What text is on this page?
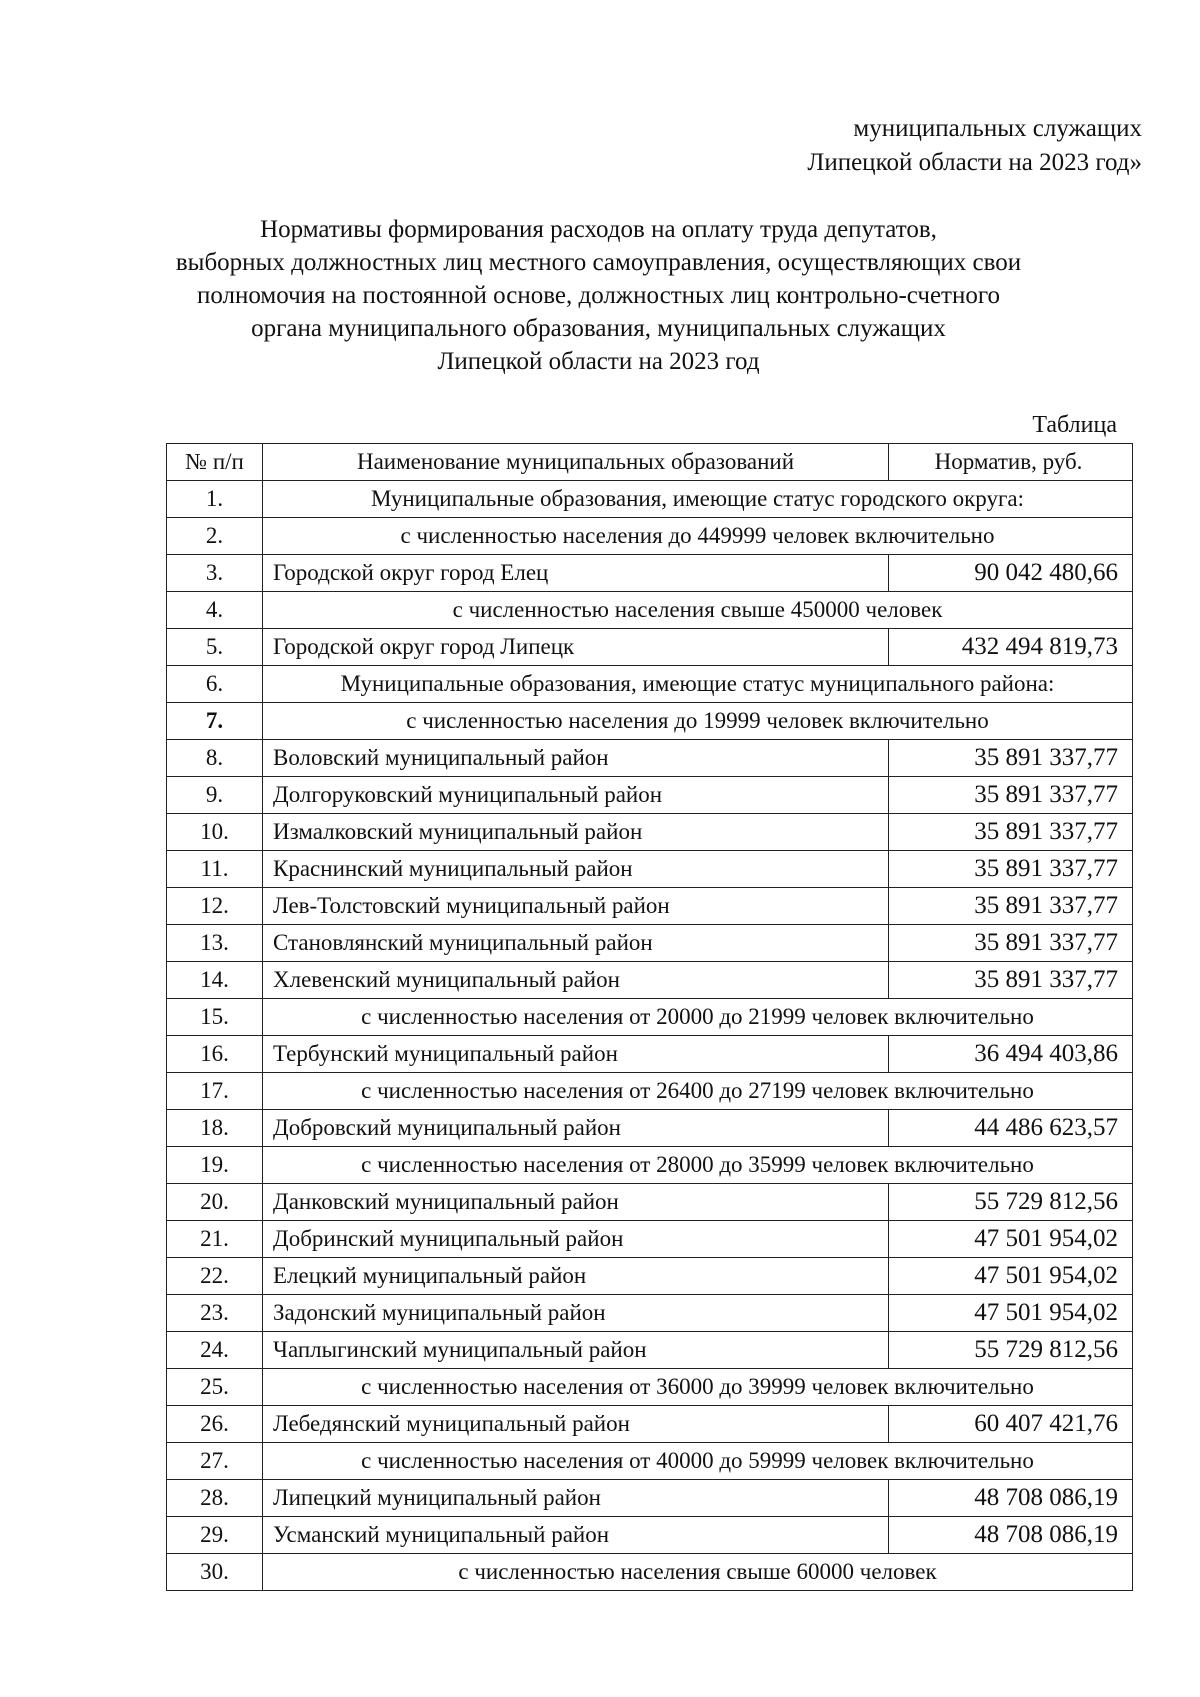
муниципальных служащих
Липецкой области на 2023 год»
Нормативы формирования расходов на оплату труда депутатов,
выборных должностных лиц местного самоуправления, осуществляющих свои
полномочия на постоянной основе, должностных лиц контрольно-счетного
органа муниципального образования, муниципальных служащих
Липецкой области на 2023 год
Таблица
№ п/п	Наименование муниципальных образований	Норматив, руб.
1.	Муниципальные образования, имеющие статус городского округа:	
2.	с численностью населения до 449999 человек включительно	
3.	Городской округ город Елец	90 042 480,66
4.	с численностью населения свыше 450000 человек	
5.	Городской округ город Липецк	432 494 819,73
6.	Муниципальные образования, имеющие статус муниципального района:	
7.	с численностью населения до 19999 человек включительно	
8.	Воловский муниципальный район	35 891 337,77
9.	Долгоруковский муниципальный район	35 891 337,77
10.	Измалковский муниципальный район	35 891 337,77
11.	Краснинский муниципальный район	35 891 337,77
12.	Лев-Толстовский муниципальный район	35 891 337,77
13.	Становлянский муниципальный район	35 891 337,77
14.	Хлевенский муниципальный район	35 891 337,77
15.	с численностью населения от 20000 до 21999 человек включительно	
16.	Тербунский муниципальный район	36 494 403,86
17.	с численностью населения от 26400 до 27199 человек включительно	
18.	Добровский муниципальный район	44 486 623,57
19.	с численностью населения от 28000 до 35999 человек включительно	
20.	Данковский муниципальный район	55 729 812,56
21.	Добринский муниципальный район	47 501 954,02
22.	Елецкий муниципальный район	47 501 954,02
23.	Задонский муниципальный район	47 501 954,02
24.	Чаплыгинский муниципальный район	55 729 812,56
25.	с численностью населения от 36000 до 39999 человек включительно	
26.	Лебедянский муниципальный район	60 407 421,76
27.	с численностью населения от 40000 до 59999 человек включительно	
28.	Липецкий муниципальный район	48 708 086,19
29.	Усманский муниципальный район	48 708 086,19
30.	с численностью населения свыше 60000 человек	
